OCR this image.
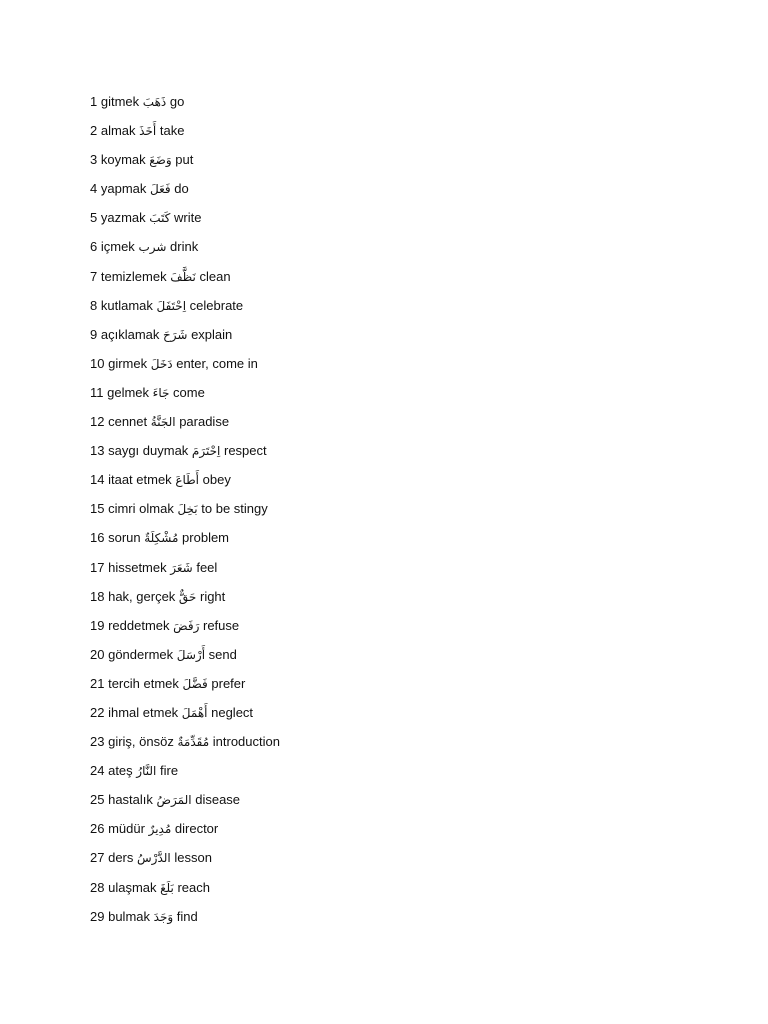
1 gitmek ذَهَبَ go
2 almak أَخَذَ take
3 koymak وَضَعَ put
4 yapmak فَعَلَ do
5 yazmak كَتَبَ write
6 içmek شرب drink
7 temizlemek نَظَّفَ clean
8 kutlamak اِحْتَفَلَ celebrate
9 açıklamak شَرَحَ explain
10 girmek دَخَلَ enter, come in
11 gelmek جَاءَ come
12 cennet الجَنَّةُ paradise
13 saygı duymak اِحْتَرَمَ respect
14 itaat etmek أَطَاعَ obey
15 cimri olmak بَخِلَ to be stingy
16 sorun مُشْكِلَةٌ problem
17 hissetmek شَعَرَ feel
18 hak, gerçek حَقٌّ right
19 reddetmek رَفَضَ refuse
20 göndermek أَرْسَلَ send
21 tercih etmek فَضَّلَ prefer
22 ihmal etmek أَهْمَلَ neglect
23 giriş, önsöz مُقَدِّمَةٌ introduction
24 ateş النَّارُ fire
25 hastalık المَرَضُ disease
26 müdür مُدِيرٌ director
27 ders الدَّرْسُ lesson
28 ulaşmak بَلَغَ reach
29 bulmak وَجَدَ find
